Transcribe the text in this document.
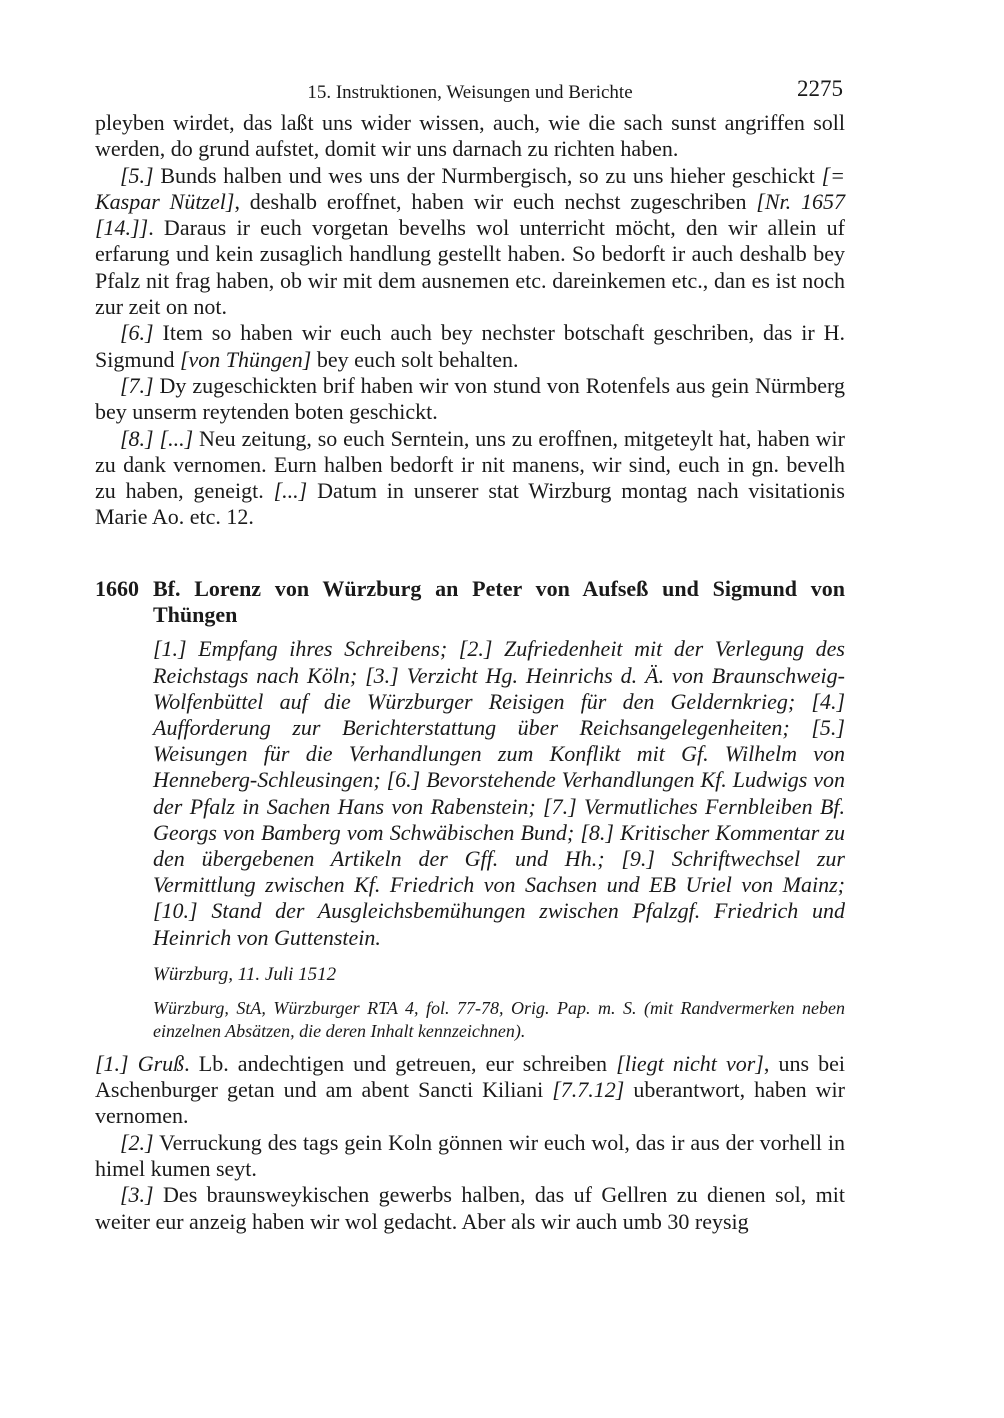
15. Instruktionen, Weisungen und Berichte	2275

pleyben wirdet, das laßt uns wider wissen, auch, wie die sach sunst angriffen soll werden, do grund aufstet, domit wir uns darnach zu richten haben.

[5.] Bunds halben und wes uns der Nurmbergisch, so zu uns hieher geschickt [= Kaspar Nützel], deshalb eroffnet, haben wir euch nechst zugeschriben [Nr. 1657 [14.]]. Daraus ir euch vorgetan bevelhs wol unterricht möcht, den wir allein uf erfarung und kein zusaglich handlung gestellt haben. So bedorft ir auch deshalb bey Pfalz nit frag haben, ob wir mit dem ausnemen etc. dareinkemen etc., dan es ist noch zur zeit on not.

[6.] Item so haben wir euch auch bey nechster botschaft geschriben, das ir H. Sigmund [von Thüngen] bey euch solt behalten.

[7.] Dy zugeschickten brif haben wir von stund von Rotenfels aus gein Nürmberg bey unserm reytenden boten geschickt.

[8.] [...] Neu zeitung, so euch Serntein, uns zu eroffnen, mitgeteylt hat, haben wir zu dank vernomen. Eurn halben bedorft ir nit manens, wir sind, euch in gn. bevelh zu haben, geneigt. [...] Datum in unserer stat Wirzburg montag nach visitationis Marie Ao. etc. 12.

1660 Bf. Lorenz von Würzburg an Peter von Aufseß und Sigmund von Thüngen
[1.] Empfang ihres Schreibens; [2.] Zufriedenheit mit der Verlegung des Reichstags nach Köln; [3.] Verzicht Hg. Heinrichs d. Ä. von Braunschweig-Wolfenbüttel auf die Würzburger Reisigen für den Geldernkrieg; [4.] Aufforderung zur Berichterstattung über Reichsangelegenheiten; [5.] Weisungen für die Verhandlungen zum Konflikt mit Gf. Wilhelm von Henneberg-Schleusingen; [6.] Bevorstehende Verhandlungen Kf. Ludwigs von der Pfalz in Sachen Hans von Rabenstein; [7.] Vermutliches Fernbleiben Bf. Georgs von Bamberg vom Schwäbischen Bund; [8.] Kritischer Kommentar zu den übergebenen Artikeln der Gff. und Hh.; [9.] Schriftwechsel zur Vermittlung zwischen Kf. Friedrich von Sachsen und EB Uriel von Mainz; [10.] Stand der Ausgleichsbemühungen zwischen Pfalzgf. Friedrich und Heinrich von Guttenstein.
Würzburg, 11. Juli 1512
Würzburg, StA, Würzburger RTA 4, fol. 77-78, Orig. Pap. m. S. (mit Randvermerken neben einzelnen Absätzen, die deren Inhalt kennzeichnen).

[1.] Gruß. Lb. andechtigen und getreuen, eur schreiben [liegt nicht vor], uns bei Aschenburger getan und am abent Sancti Kiliani [7.7.12] uberantwort, haben wir vernomen.

[2.] Verruckung des tags gein Koln gönnen wir euch wol, das ir aus der vorhell in himel kumen seyt.

[3.] Des braunsweykischen gewerbs halben, das uf Gellren zu dienen sol, mit weiter eur anzeig haben wir wol gedacht. Aber als wir auch umb 30 reysig
